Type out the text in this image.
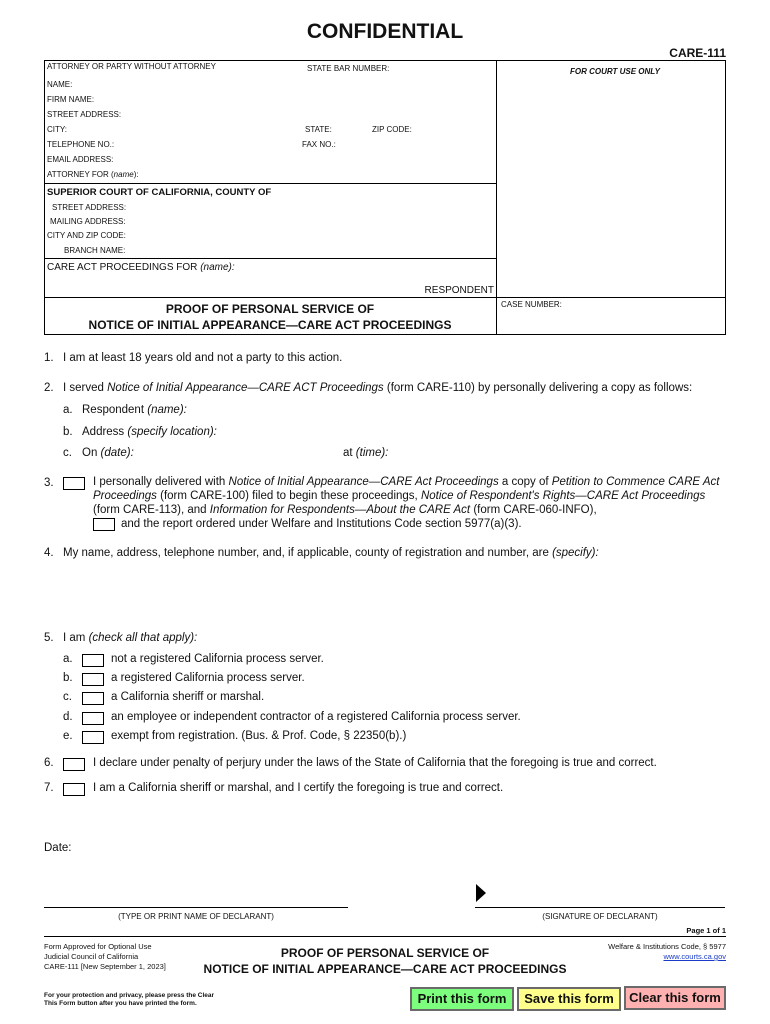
CONFIDENTIAL
CARE-111
ATTORNEY OR PARTY WITHOUT ATTORNEY	STATE BAR NUMBER:	FOR COURT USE ONLY
NAME:
FIRM NAME:
STREET ADDRESS:
CITY:	STATE:	ZIP CODE:
TELEPHONE NO.:	FAX NO.:
EMAIL ADDRESS:
ATTORNEY FOR (name):
SUPERIOR COURT OF CALIFORNIA, COUNTY OF
STREET ADDRESS:
MAILING ADDRESS:
CITY AND ZIP CODE:
BRANCH NAME:
CARE ACT PROCEEDINGS FOR (name):
RESPONDENT
PROOF OF PERSONAL SERVICE OF
NOTICE OF INITIAL APPEARANCE—CARE ACT PROCEEDINGS
CASE NUMBER:
1. I am at least 18 years old and not a party to this action.
2. I served Notice of Initial Appearance—CARE ACT Proceedings (form CARE-110) by personally delivering a copy as follows:
a. Respondent (name):
b. Address (specify location):
c. On (date):	at (time):
3.	I personally delivered with Notice of Initial Appearance—CARE Act Proceedings a copy of Petition to Commence CARE Act
Proceedings (form CARE-100) filed to begin these proceedings, Notice of Respondent's Rights—CARE Act Proceedings
(form CARE-113), and Information for Respondents—About the CARE Act (form CARE-060-INFO),
and the report ordered under Welfare and Institutions Code section 5977(a)(3).
4. My name, address, telephone number, and, if applicable, county of registration and number, are (specify):
5. I am (check all that apply):
a.	not a registered California process server.
b.	a registered California process server.
c.	a California sheriff or marshal.
d.	an employee or independent contractor of a registered California process server.
e.	exempt from registration. (Bus. & Prof. Code, § 22350(b).)
6.	I declare under penalty of perjury under the laws of the State of California that the foregoing is true and correct.
7.	I am a California sheriff or marshal, and I certify the foregoing is true and correct.
Date:
(TYPE OR PRINT NAME OF DECLARANT)	(SIGNATURE OF DECLARANT)
Page 1 of 1
Form Approved for Optional Use
Judicial Council of California
CARE-111 [New September 1, 2023]
PROOF OF PERSONAL SERVICE OF
NOTICE OF INITIAL APPEARANCE—CARE ACT PROCEEDINGS
Welfare & Institutions Code, § 5977
www.courts.ca.gov
For your protection and privacy, please press the Clear
This Form button after you have printed the form.	Print this form	Save this form	Clear this form
